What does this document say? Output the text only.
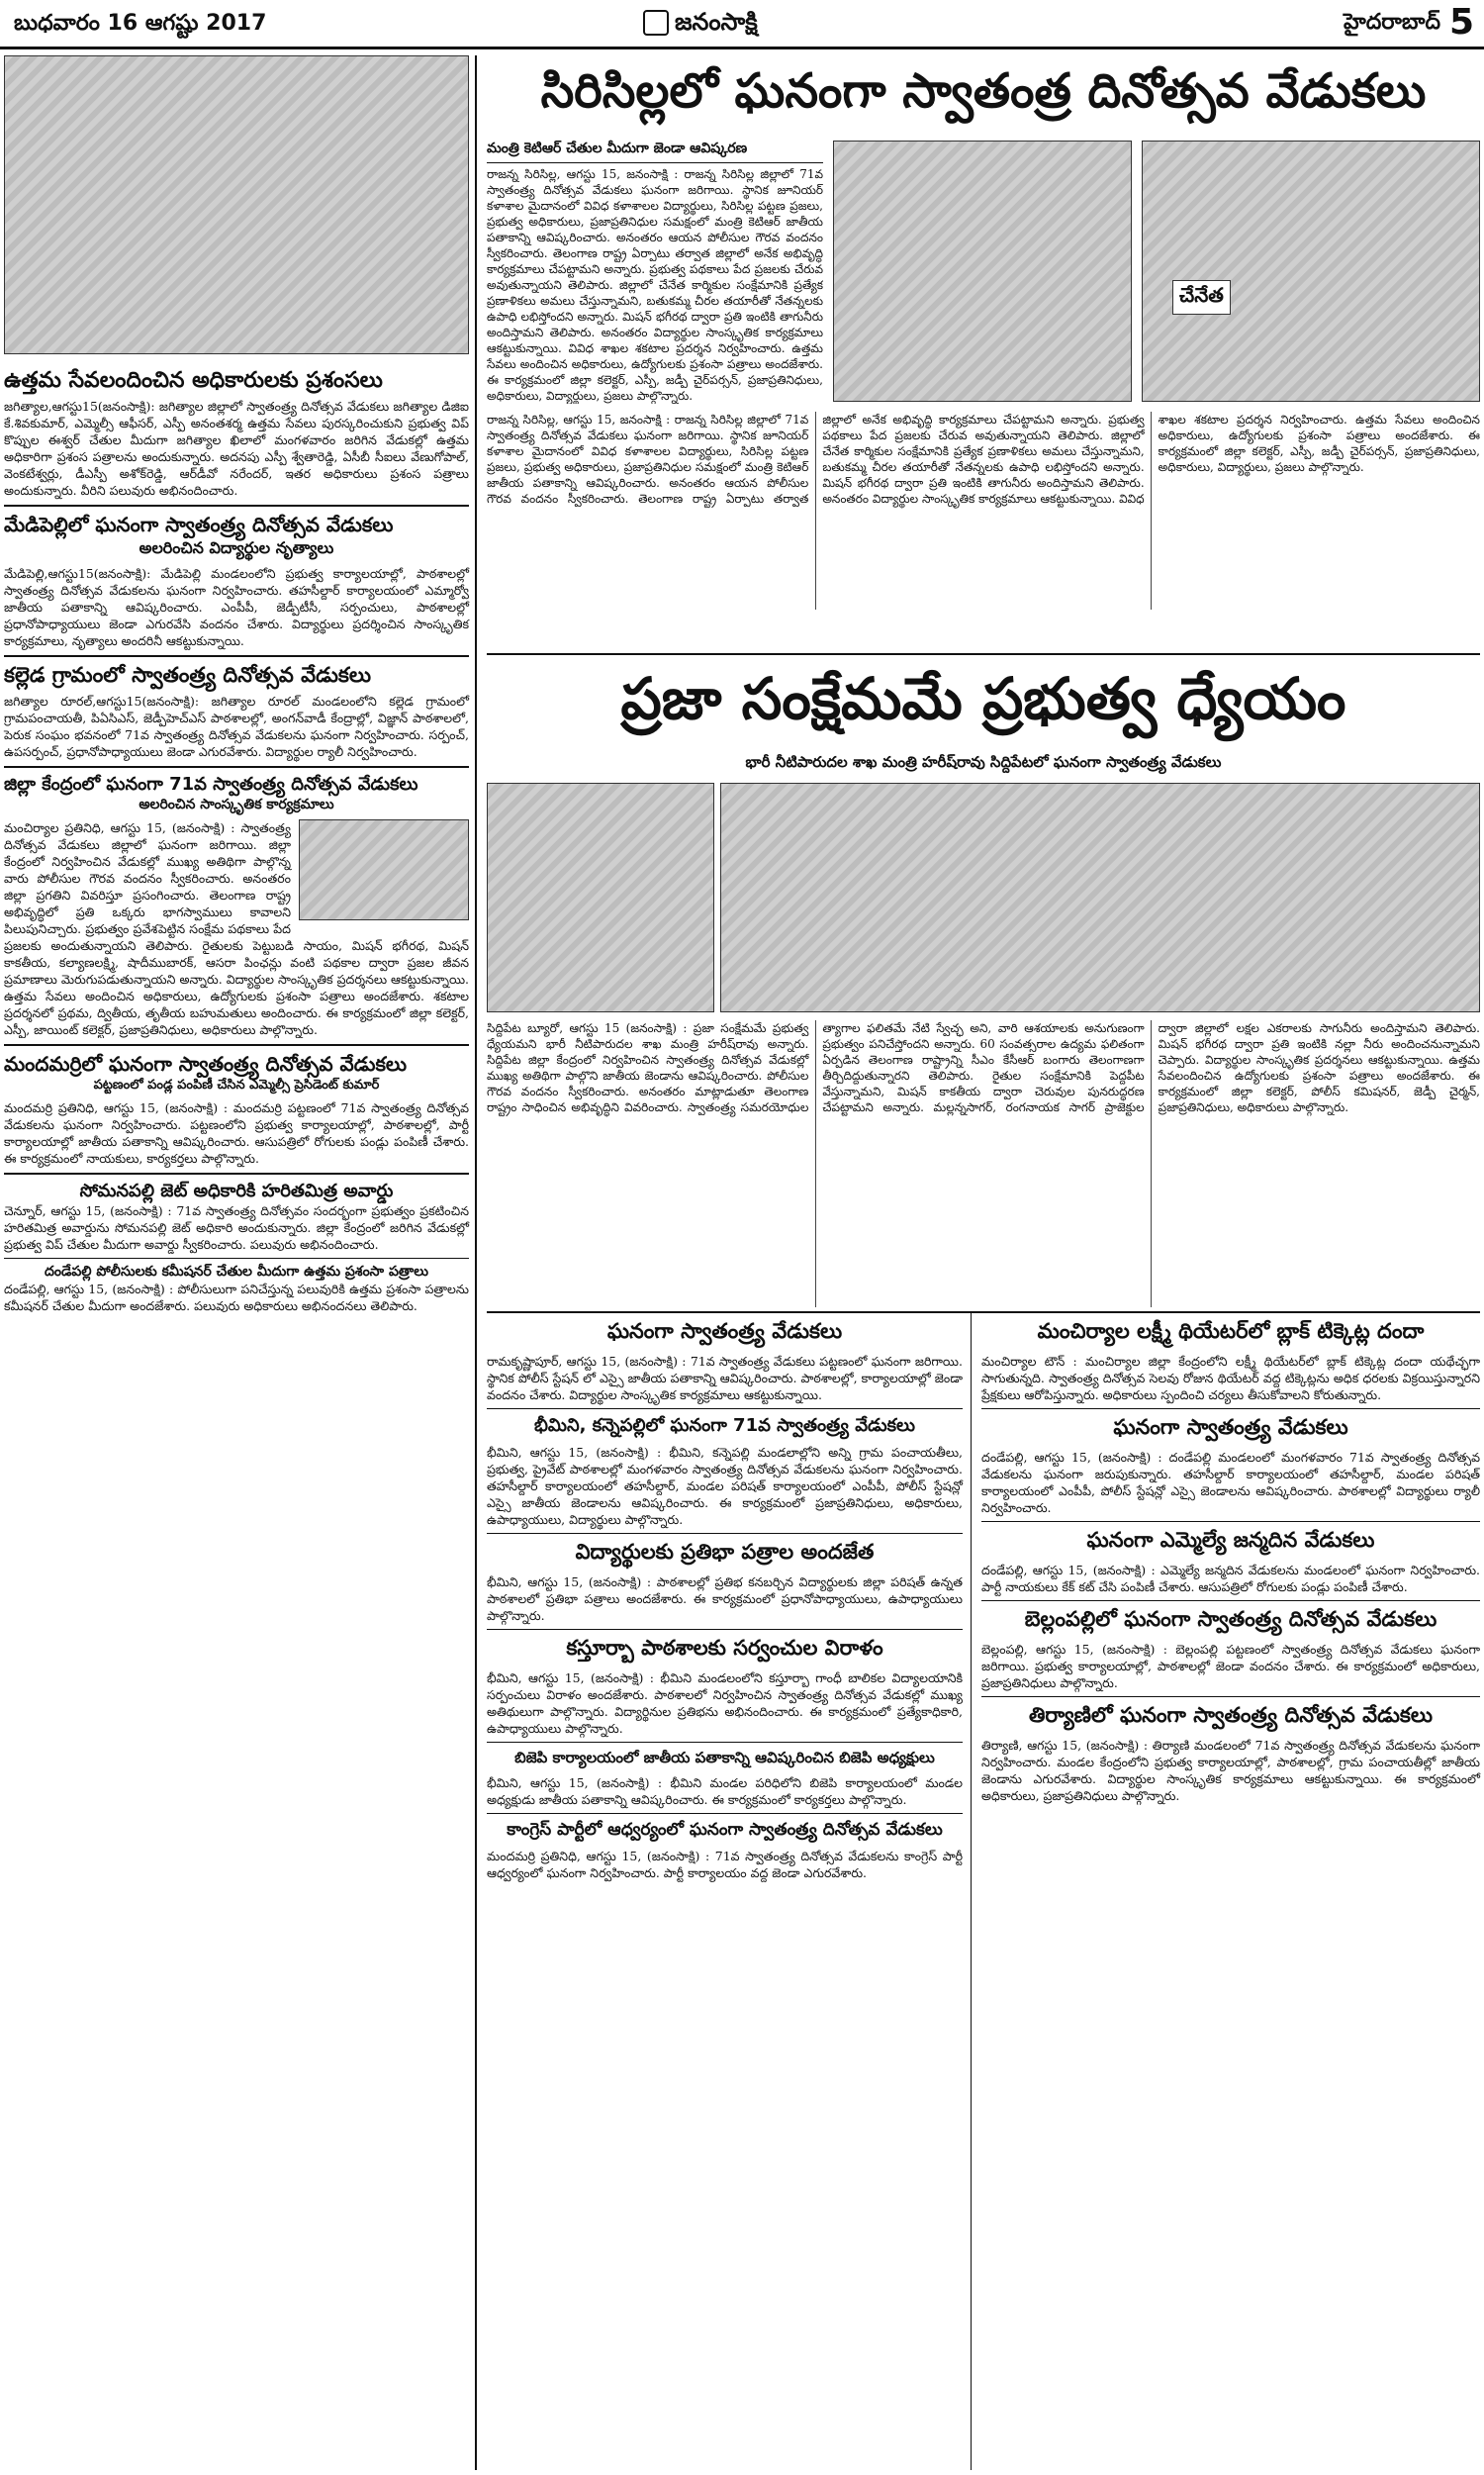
బుధవారం 16 ఆగష్టు 2017	జనంసాక్షి	హైదరాబాద్ 5
ఉత్తమ సేవలందించిన అధికారులకు ప్రశంసలు

జగిత్యాల,ఆగస్టు15(జనంసాక్షి): జగిత్యాల జిల్లాలో స్వాతంత్ర్య దినోత్సవ వేడుకలు జగిత్యాల డిజిఐ కే.శివకుమార్, ఎమ్మెల్సీ ఆఫీసర్, ఎస్పీ అనంతశర్మ ఉత్తమ సేవలు పురస్కరించుకుని ప్రభుత్వ విప్ కొప్పుల ఈశ్వర్ చేతుల మీదుగా జగిత్యాల ఖిలాలో మంగళవారం జరిగిన వేడుకల్లో ఉత్తమ అధికారిగా ప్రశంస పత్రాలను అందుకున్నారు. అదనపు ఎస్పీ శ్వేతారెడ్డి, ఏసీబీ సీఐలు వేణుగోపాల్‌, వెంకటేశ్వర్లు, డీఎస్పీ అశోక్‌రెడ్డి, ఆర్‌డీవో నరేందర్, ఇతర అధికారులు ప్రశంస పత్రాలు అందుకున్నారు. వీరిని పలువురు అభినందించారు.

మేడిపెల్లిలో ఘనంగా స్వాతంత్ర్య దినోత్సవ వేడుకలు
అలరించిన విద్యార్థుల నృత్యాలు

మేడిపెల్లి,ఆగస్టు15(జనంసాక్షి): మేడిపెల్లి మండలంలోని ప్రభుత్వ కార్యాలయాల్లో, పాఠశాలల్లో స్వాతంత్ర్య దినోత్సవ వేడుకలను ఘనంగా నిర్వహించారు. తహసీల్దార్ కార్యాలయంలో ఎమ్మార్వో జాతీయ పతాకాన్ని ఆవిష్కరించారు. ఎంపీపీ, జెడ్పీటీసీ, సర్పంచులు, పాఠశాలల్లో ప్రధానోపాధ్యాయులు జెండా ఎగురవేసి వందనం చేశారు. విద్యార్థులు ప్రదర్శించిన సాంస్కృతిక కార్యక్రమాలు, నృత్యాలు అందరినీ ఆకట్టుకున్నాయి.

కల్లెడ గ్రామంలో స్వాతంత్ర్య దినోత్సవ వేడుకలు

జగిత్యాల రూరల్,ఆగస్టు15(జనంసాక్షి): జగిత్యాల రూరల్ మండలంలోని కల్లెడ గ్రామంలో గ్రామపంచాయతీ, పిఏసిఎస్, జెడ్పీహెచ్ఎస్ పాఠశాలల్లో, అంగన్‌వాడీ కేంద్రాల్లో, విజ్ఞాన్ పాఠశాలలో, పెరుక సంఘం భవనంలో 71వ స్వాతంత్ర్య దినోత్సవ వేడుకలను ఘనంగా నిర్వహించారు. సర్పంచ్, ఉపసర్పంచ్, ప్రధానోపాధ్యాయులు జెండా ఎగురవేశారు. విద్యార్థుల ర్యాలీ నిర్వహించారు.

జిల్లా కేంద్రంలో ఘనంగా 71వ స్వాతంత్ర్య దినోత్సవ వేడుకలు
అలరించిన సాంస్కృతిక కార్యక్రమాలు

మంచిర్యాల ప్రతినిధి, ఆగస్టు 15, (జనంసాక్షి) : స్వాతంత్ర్య దినోత్సవ వేడుకలు జిల్లాలో ఘనంగా జరిగాయి. జిల్లా కేంద్రంలో నిర్వహించిన వేడుకల్లో ముఖ్య అతిథిగా పాల్గొన్న వారు పోలీసుల గౌరవ వందనం స్వీకరించారు. అనంతరం జిల్లా ప్రగతిని వివరిస్తూ ప్రసంగించారు. తెలంగాణ రాష్ట్ర అభివృద్ధిలో ప్రతి ఒక్కరు భాగస్వాములు కావాలని పిలుపునిచ్చారు. ప్రభుత్వం ప్రవేశపెట్టిన సంక్షేమ పథకాలు పేద ప్రజలకు అందుతున్నాయని తెలిపారు. రైతులకు పెట్టుబడి సాయం, మిషన్ భగీరథ, మిషన్ కాకతీయ, కల్యాణలక్ష్మి, షాదీముబారక్, ఆసరా పింఛన్లు వంటి పథకాల ద్వారా ప్రజల జీవన ప్రమాణాలు మెరుగుపడుతున్నాయని అన్నారు. విద్యార్థుల సాంస్కృతిక ప్రదర్శనలు ఆకట్టుకున్నాయి. ఉత్తమ సేవలు అందించిన అధికారులు, ఉద్యోగులకు ప్రశంసా పత్రాలు అందజేశారు. శకటాల ప్రదర్శనలో ప్రథమ, ద్వితీయ, తృతీయ బహుమతులు అందించారు. ఈ కార్యక్రమంలో జిల్లా కలెక్టర్, ఎస్పీ, జాయింట్ కలెక్టర్, ప్రజాప్రతినిధులు, అధికారులు పాల్గొన్నారు.

మందమర్రిలో ఘనంగా స్వాతంత్ర్య దినోత్సవ వేడుకలు
పట్టణంలో పండ్ల పంపిణీ చేసిన ఎమ్మెల్సీ ప్రెసిడెంట్ కుమార్

మందమర్రి ప్రతినిధి, ఆగస్టు 15, (జనంసాక్షి) : మందమర్రి పట్టణంలో 71వ స్వాతంత్ర్య దినోత్సవ వేడుకలను ఘనంగా నిర్వహించారు. పట్టణంలోని ప్రభుత్వ కార్యాలయాల్లో, పాఠశాలల్లో, పార్టీ కార్యాలయాల్లో జాతీయ పతాకాన్ని ఆవిష్కరించారు. ఆసుపత్రిలో రోగులకు పండ్లు పంపిణీ చేశారు. ఈ కార్యక్రమంలో నాయకులు, కార్యకర్తలు పాల్గొన్నారు.

సోమనపల్లి జెట్ అధికారికి హరితమిత్ర అవార్డు

చెన్నూర్, ఆగస్టు 15, (జనంసాక్షి) : 71వ స్వాతంత్ర్య దినోత్సవం సందర్భంగా ప్రభుత్వం ప్రకటించిన హరితమిత్ర అవార్డును సోమనపల్లి జెట్ అధికారి అందుకున్నారు. జిల్లా కేంద్రంలో జరిగిన వేడుకల్లో ప్రభుత్వ విప్ చేతుల మీదుగా అవార్డు స్వీకరించారు. పలువురు అభినందించారు.

దండేపల్లి పోలీసులకు కమీషనర్ చేతుల మీదుగా ఉత్తమ ప్రశంసా పత్రాలు

దండేపల్లి, ఆగస్టు 15, (జనంసాక్షి) : పోలీసులుగా పనిచేస్తున్న పలువురికి ఉత్తమ ప్రశంసా పత్రాలను కమీషనర్ చేతుల మీదుగా అందజేశారు. పలువురు అధికారులు అభినందనలు తెలిపారు.

సిరిసిల్లలో ఘనంగా స్వాతంత్ర దినోత్సవ వేడుకలు
మంత్రి కెటిఆర్ చేతుల మీదుగా జెండా ఆవిష్కరణ

రాజన్న సిరిసిల్ల, ఆగస్టు 15, జనంసాక్షి : రాజన్న సిరిసిల్ల జిల్లాలో 71వ స్వాతంత్ర్య దినోత్సవ వేడుకలు ఘనంగా జరిగాయి. స్థానిక జూనియర్ కళాశాల మైదానంలో వివిధ కళాశాలల విద్యార్థులు, సిరిసిల్ల పట్టణ ప్రజలు, ప్రభుత్వ అధికారులు, ప్రజాప్రతినిధుల సమక్షంలో మంత్రి కెటిఆర్ జాతీయ పతాకాన్ని ఆవిష్కరించారు. అనంతరం ఆయన పోలీసుల గౌరవ వందనం స్వీకరించారు. తెలంగాణ రాష్ట్ర ఏర్పాటు తర్వాత జిల్లాలో అనేక అభివృద్ధి కార్యక్రమాలు చేపట్టామని అన్నారు. ప్రభుత్వ పథకాలు పేద ప్రజలకు చేరువ అవుతున్నాయని తెలిపారు. జిల్లాలో చేనేత కార్మికుల సంక్షేమానికి ప్రత్యేక ప్రణాళికలు అమలు చేస్తున్నామని, బతుకమ్మ చీరల తయారీతో నేతన్నలకు ఉపాధి లభిస్తోందని అన్నారు. మిషన్ భగీరథ ద్వారా ప్రతి ఇంటికి తాగునీరు అందిస్తామని తెలిపారు. అనంతరం విద్యార్థుల సాంస్కృతిక కార్యక్రమాలు ఆకట్టుకున్నాయి. వివిధ శాఖల శకటాల ప్రదర్శన నిర్వహించారు. ఉత్తమ సేవలు అందించిన అధికారులు, ఉద్యోగులకు ప్రశంసా పత్రాలు అందజేశారు. ఈ కార్యక్రమంలో జిల్లా కలెక్టర్, ఎస్పీ, జడ్పీ చైర్‌పర్సన్, ప్రజాప్రతినిధులు, అధికారులు, విద్యార్థులు, ప్రజలు పాల్గొన్నారు.

చేనేత

రాజన్న సిరిసిల్ల, ఆగస్టు 15, జనంసాక్షి : రాజన్న సిరిసిల్ల జిల్లాలో 71వ స్వాతంత్ర్య దినోత్సవ వేడుకలు ఘనంగా జరిగాయి. స్థానిక జూనియర్ కళాశాల మైదానంలో వివిధ కళాశాలల విద్యార్థులు, సిరిసిల్ల పట్టణ ప్రజలు, ప్రభుత్వ అధికారులు, ప్రజాప్రతినిధుల సమక్షంలో మంత్రి కెటిఆర్ జాతీయ పతాకాన్ని ఆవిష్కరించారు. అనంతరం ఆయన పోలీసుల గౌరవ వందనం స్వీకరించారు. తెలంగాణ రాష్ట్ర ఏర్పాటు తర్వాత జిల్లాలో అనేక అభివృద్ధి కార్యక్రమాలు చేపట్టామని అన్నారు. ప్రభుత్వ పథకాలు పేద ప్రజలకు చేరువ అవుతున్నాయని తెలిపారు. జిల్లాలో చేనేత కార్మికుల సంక్షేమానికి ప్రత్యేక ప్రణాళికలు అమలు చేస్తున్నామని, బతుకమ్మ చీరల తయారీతో నేతన్నలకు ఉపాధి లభిస్తోందని అన్నారు. మిషన్ భగీరథ ద్వారా ప్రతి ఇంటికి తాగునీరు అందిస్తామని తెలిపారు. అనంతరం విద్యార్థుల సాంస్కృతిక కార్యక్రమాలు ఆకట్టుకున్నాయి. వివిధ శాఖల శకటాల ప్రదర్శన నిర్వహించారు. ఉత్తమ సేవలు అందించిన అధికారులు, ఉద్యోగులకు ప్రశంసా పత్రాలు అందజేశారు. ఈ కార్యక్రమంలో జిల్లా కలెక్టర్, ఎస్పీ, జడ్పీ చైర్‌పర్సన్, ప్రజాప్రతినిధులు, అధికారులు, విద్యార్థులు, ప్రజలు పాల్గొన్నారు.

ప్రజా సంక్షేమమే ప్రభుత్వ ధ్యేయం
భారీ నీటిపారుదల శాఖ మంత్రి హరీష్‌రావు సిద్దిపేటలో ఘనంగా స్వాతంత్ర్య వేడుకలు

సిద్దిపేట బ్యూరో, ఆగస్టు 15 (జనంసాక్షి) : ప్రజా సంక్షేమమే ప్రభుత్వ ధ్యేయమని భారీ నీటిపారుదల శాఖ మంత్రి హరీష్‌రావు అన్నారు. సిద్దిపేట జిల్లా కేంద్రంలో నిర్వహించిన స్వాతంత్ర్య దినోత్సవ వేడుకల్లో ముఖ్య అతిథిగా పాల్గొని జాతీయ జెండాను ఆవిష్కరించారు. పోలీసుల గౌరవ వందనం స్వీకరించారు. అనంతరం మాట్లాడుతూ తెలంగాణ రాష్ట్రం సాధించిన అభివృద్ధిని వివరించారు. స్వాతంత్ర్య సమరయోధుల త్యాగాల ఫలితమే నేటి స్వేచ్ఛ అని, వారి ఆశయాలకు అనుగుణంగా ప్రభుత్వం పనిచేస్తోందని అన్నారు. 60 సంవత్సరాల ఉద్యమ ఫలితంగా ఏర్పడిన తెలంగాణ రాష్ట్రాన్ని సీఎం కేసీఆర్ బంగారు తెలంగాణగా తీర్చిదిద్దుతున్నారని తెలిపారు. రైతుల సంక్షేమానికి పెద్దపీట వేస్తున్నామని, మిషన్ కాకతీయ ద్వారా చెరువుల పునరుద్ధరణ చేపట్టామని అన్నారు. మల్లన్నసాగర్, రంగనాయక సాగర్ ప్రాజెక్టుల ద్వారా జిల్లాలో లక్షల ఎకరాలకు సాగునీరు అందిస్తామని తెలిపారు. మిషన్ భగీరథ ద్వారా ప్రతి ఇంటికి నల్లా నీరు అందించనున్నామని చెప్పారు. విద్యార్థుల సాంస్కృతిక ప్రదర్శనలు ఆకట్టుకున్నాయి. ఉత్తమ సేవలందించిన ఉద్యోగులకు ప్రశంసా పత్రాలు అందజేశారు. ఈ కార్యక్రమంలో జిల్లా కలెక్టర్, పోలీస్ కమిషనర్, జెడ్పీ చైర్మన్, ప్రజాప్రతినిధులు, అధికారులు పాల్గొన్నారు.

ఘనంగా స్వాతంత్ర్య వేడుకలు

రామకృష్ణాపూర్, ఆగస్టు 15, (జనంసాక్షి) : 71వ స్వాతంత్ర్య వేడుకలు పట్టణంలో ఘనంగా జరిగాయి. స్థానిక పోలీస్ స్టేషన్ లో ఎస్సై జాతీయ పతాకాన్ని ఆవిష్కరించారు. పాఠశాలల్లో, కార్యాలయాల్లో జెండా వందనం చేశారు. విద్యార్థుల సాంస్కృతిక కార్యక్రమాలు ఆకట్టుకున్నాయి.

భీమిని, కన్నెపల్లిలో ఘనంగా 71వ స్వాతంత్ర్య వేడుకలు

భీమిని, ఆగస్టు 15, (జనంసాక్షి) : భీమిని, కన్నెపల్లి మండలాల్లోని అన్ని గ్రామ పంచాయతీలు, ప్రభుత్వ, ప్రైవేట్ పాఠశాలల్లో మంగళవారం స్వాతంత్ర్య దినోత్సవ వేడుకలను ఘనంగా నిర్వహించారు. తహసీల్దార్ కార్యాలయంలో తహసీల్దార్, మండల పరిషత్ కార్యాలయంలో ఎంపీపీ, పోలీస్ స్టేషన్లో ఎస్సై జాతీయ జెండాలను ఆవిష్కరించారు. ఈ కార్యక్రమంలో ప్రజాప్రతినిధులు, అధికారులు, ఉపాధ్యాయులు, విద్యార్థులు పాల్గొన్నారు.

విద్యార్థులకు ప్రతిభా పత్రాల అందజేత

భీమిని, ఆగస్టు 15, (జనంసాక్షి) : పాఠశాలల్లో ప్రతిభ కనబర్చిన విద్యార్థులకు జిల్లా పరిషత్ ఉన్నత పాఠశాలలో ప్రతిభా పత్రాలు అందజేశారు. ఈ కార్యక్రమంలో ప్రధానోపాధ్యాయులు, ఉపాధ్యాయులు పాల్గొన్నారు.

కస్తూర్బా పాఠశాలకు సర్వంచుల విరాళం

భీమిని, ఆగస్టు 15, (జనంసాక్షి) : భీమిని మండలంలోని కస్తూర్బా గాంధీ బాలికల విద్యాలయానికి సర్పంచులు విరాళం అందజేశారు. పాఠశాలలో నిర్వహించిన స్వాతంత్ర్య దినోత్సవ వేడుకల్లో ముఖ్య అతిథులుగా పాల్గొన్నారు. విద్యార్థినుల ప్రతిభను అభినందించారు. ఈ కార్యక్రమంలో ప్రత్యేకాధికారి, ఉపాధ్యాయులు పాల్గొన్నారు.

బిజెపి కార్యాలయంలో జాతీయ పతాకాన్ని ఆవిష్కరించిన బిజెపి అధ్యక్షులు

భీమిని, ఆగస్టు 15, (జనంసాక్షి) : భీమిని మండల పరిధిలోని బిజెపి కార్యాలయంలో మండల అధ్యక్షుడు జాతీయ పతాకాన్ని ఆవిష్కరించారు. ఈ కార్యక్రమంలో కార్యకర్తలు పాల్గొన్నారు.

కాంగ్రెస్ పార్టీలో ఆధ్వర్యంలో ఘనంగా స్వాతంత్ర్య దినోత్సవ వేడుకలు

మందమర్రి ప్రతినిధి, ఆగస్టు 15, (జనంసాక్షి) : 71వ స్వాతంత్ర్య దినోత్సవ వేడుకలను కాంగ్రెస్ పార్టీ ఆధ్వర్యంలో ఘనంగా నిర్వహించారు. పార్టీ కార్యాలయం వద్ద జెండా ఎగురవేశారు.

మంచిర్యాల లక్ష్మీ థియేటర్‌లో బ్లాక్ టిక్కెట్ల దందా

మంచిర్యాల టౌన్ : మంచిర్యాల జిల్లా కేంద్రంలోని లక్ష్మీ థియేటర్‌లో బ్లాక్ టిక్కెట్ల దందా యథేచ్ఛగా సాగుతున్నది. స్వాతంత్ర్య దినోత్సవ సెలవు రోజున థియేటర్ వద్ద టిక్కెట్లను అధిక ధరలకు విక్రయిస్తున్నారని ప్రేక్షకులు ఆరోపిస్తున్నారు. అధికారులు స్పందించి చర్యలు తీసుకోవాలని కోరుతున్నారు.

ఘనంగా స్వాతంత్ర్య వేడుకలు

దండేపల్లి, ఆగస్టు 15, (జనంసాక్షి) : దండేపల్లి మండలంలో మంగళవారం 71వ స్వాతంత్ర్య దినోత్సవ వేడుకలను ఘనంగా జరుపుకున్నారు. తహసీల్దార్ కార్యాలయంలో తహసీల్దార్, మండల పరిషత్ కార్యాలయంలో ఎంపీపీ, పోలీస్ స్టేషన్లో ఎస్సై జెండాలను ఆవిష్కరించారు. పాఠశాలల్లో విద్యార్థులు ర్యాలీ నిర్వహించారు.

ఘనంగా ఎమ్మెల్యే జన్మదిన వేడుకలు

దండేపల్లి, ఆగస్టు 15, (జనంసాక్షి) : ఎమ్మెల్యే జన్మదిన వేడుకలను మండలంలో ఘనంగా నిర్వహించారు. పార్టీ నాయకులు కేక్ కట్ చేసి పంపిణీ చేశారు. ఆసుపత్రిలో రోగులకు పండ్లు పంపిణీ చేశారు.

బెల్లంపల్లిలో ఘనంగా స్వాతంత్ర్య దినోత్సవ వేడుకలు

బెల్లంపల్లి, ఆగస్టు 15, (జనంసాక్షి) : బెల్లంపల్లి పట్టణంలో స్వాతంత్ర్య దినోత్సవ వేడుకలు ఘనంగా జరిగాయి. ప్రభుత్వ కార్యాలయాల్లో, పాఠశాలల్లో జెండా వందనం చేశారు. ఈ కార్యక్రమంలో అధికారులు, ప్రజాప్రతినిధులు పాల్గొన్నారు.

తిర్యాణిలో ఘనంగా స్వాతంత్ర్య దినోత్సవ వేడుకలు

తిర్యాణి, ఆగస్టు 15, (జనంసాక్షి) : తిర్యాణి మండలంలో 71వ స్వాతంత్ర్య దినోత్సవ వేడుకలను ఘనంగా నిర్వహించారు. మండల కేంద్రంలోని ప్రభుత్వ కార్యాలయాల్లో, పాఠశాలల్లో, గ్రామ పంచాయతీల్లో జాతీయ జెండాను ఎగురవేశారు. విద్యార్థుల సాంస్కృతిక కార్యక్రమాలు ఆకట్టుకున్నాయి. ఈ కార్యక్రమంలో అధికారులు, ప్రజాప్రతినిధులు పాల్గొన్నారు.
